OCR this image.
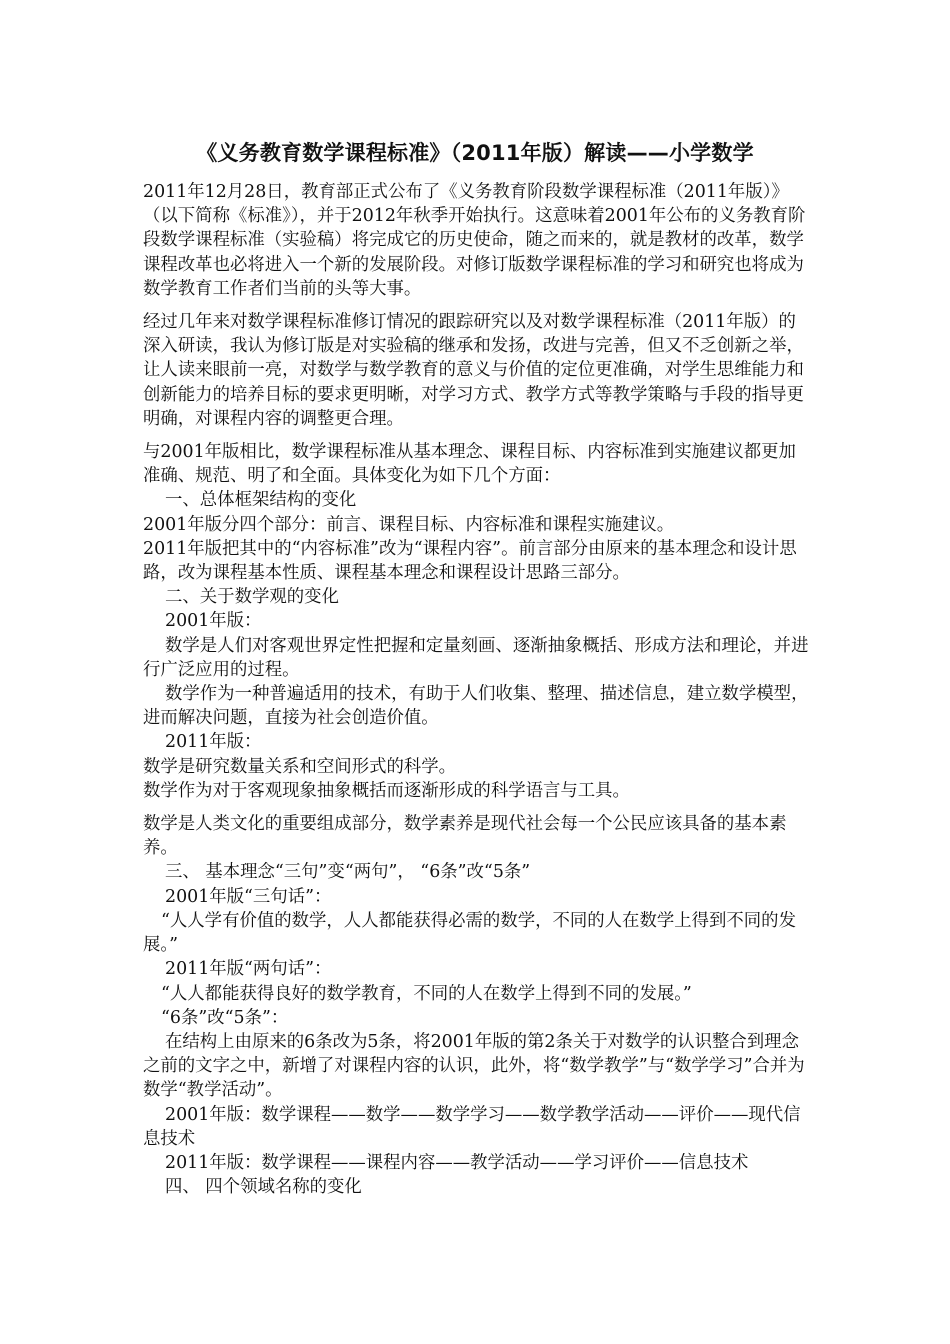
《义务教育数学课程标准》（2011年版）解读——小学数学

2011年12月28日，教育部正式公布了《义务教育阶段数学课程标准（2011年版）》（以下简称《标准》），并于2012年秋季开始执行。这意味着2001年公布的义务教育阶段数学课程标准（实验稿）将完成它的历史使命，随之而来的，就是教材的改革，数学课程改革也必将进入一个新的发展阶段。对修订版数学课程标准的学习和研究也将成为数学教育工作者们当前的头等大事。

经过几年来对数学课程标准修订情况的跟踪研究以及对数学课程标准（2011年版）的深入研读，我认为修订版是对实验稿的继承和发扬，改进与完善，但又不乏创新之举，让人读来眼前一亮，对数学与数学教育的意义与价值的定位更准确，对学生思维能力和创新能力的培养目标的要求更明晰，对学习方式、教学方式等教学策略与手段的指导更明确，对课程内容的调整更合理。

与2001年版相比，数学课程标准从基本理念、课程目标、内容标准到实施建议都更加准确、规范、明了和全面。具体变化为如下几个方面：

一、总体框架结构的变化

2001年版分四个部分：前言、课程目标、内容标准和课程实施建议。

2011年版把其中的“内容标准”改为“课程内容”。前言部分由原来的基本理念和设计思路，改为课程基本性质、课程基本理念和课程设计思路三部分。

二、关于数学观的变化

2001年版：

数学是人们对客观世界定性把握和定量刻画、逐渐抽象概括、形成方法和理论，并进行广泛应用的过程。

数学作为一种普遍适用的技术，有助于人们收集、整理、描述信息，建立数学模型，进而解决问题，直接为社会创造价值。

2011年版：

数学是研究数量关系和空间形式的科学。

数学作为对于客观现象抽象概括而逐渐形成的科学语言与工具。

数学是人类文化的重要组成部分，数学素养是现代社会每一个公民应该具备的基本素养。

三、 基本理念“三句”变“两句”， “6条”改“5条”

2001年版“三句话”：

“人人学有价值的数学，人人都能获得必需的数学，不同的人在数学上得到不同的发展。”

2011年版“两句话”：

“人人都能获得良好的数学教育，不同的人在数学上得到不同的发展。”

“6条”改“5条”：

在结构上由原来的6条改为5条，将2001年版的第2条关于对数学的认识整合到理念之前的文字之中，新增了对课程内容的认识，此外，将“数学教学”与“数学学习”合并为数学“教学活动”。

2001年版：数学课程——数学——数学学习——数学教学活动——评价——现代信息技术

2011年版：数学课程——课程内容——教学活动——学习评价——信息技术

四、 四个领域名称的变化
